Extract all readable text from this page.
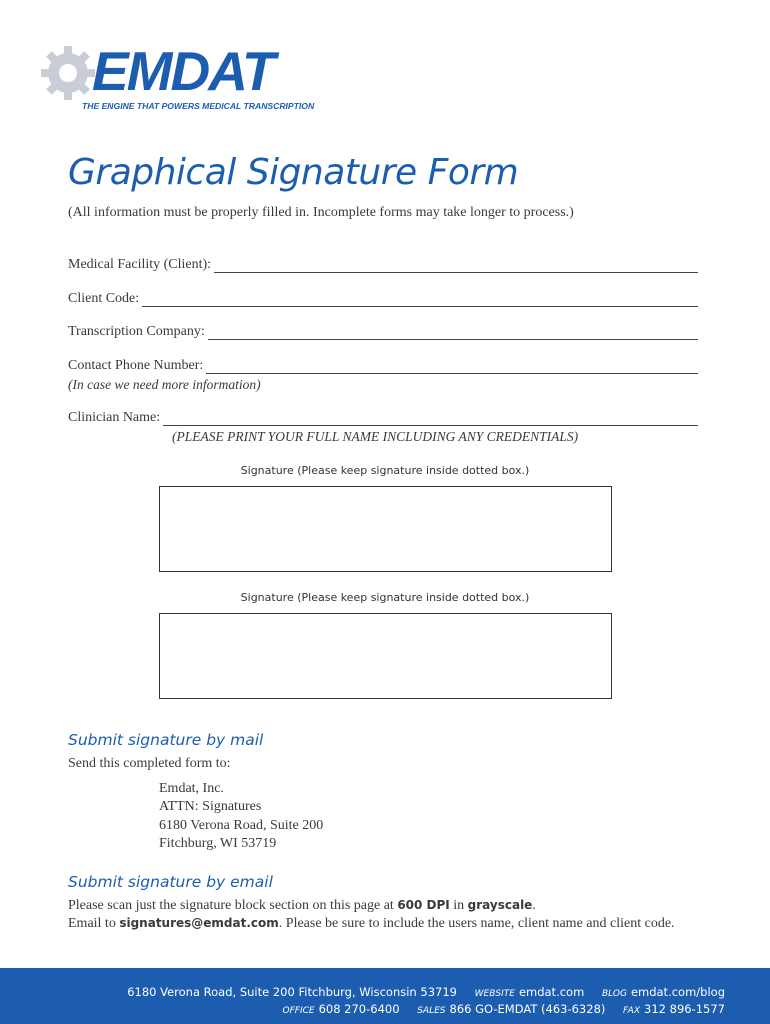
EMDAT
THE ENGINE THAT POWERS MEDICAL TRANSCRIPTION
Graphical Signature Form
(All information must be properly filled in. Incomplete forms may take longer to process.)
Medical Facility (Client):
Client Code:
Transcription Company:
Contact Phone Number:
(In case we need more information)
Clinician Name:
(PLEASE PRINT YOUR FULL NAME INCLUDING ANY CREDENTIALS)
Signature (Please keep signature inside dotted box.)
Signature (Please keep signature inside dotted box.)
Submit signature by mail
Send this completed form to:
Emdat, Inc.
ATTN: Signatures
6180 Verona Road, Suite 200
Fitchburg, WI 53719
Submit signature by email
Please scan just the signature block section on this page at 600 DPI in grayscale.
Email to signatures@emdat.com. Please be sure to include the users name, client name and client code.
6180 Verona Road, Suite 200 Fitchburg, Wisconsin 53719 WEBSITE emdat.com BLOG emdat.com/blog
OFFICE 608 270-6400 SALES 866 GO-EMDAT (463-6328) FAX 312 896-1577
